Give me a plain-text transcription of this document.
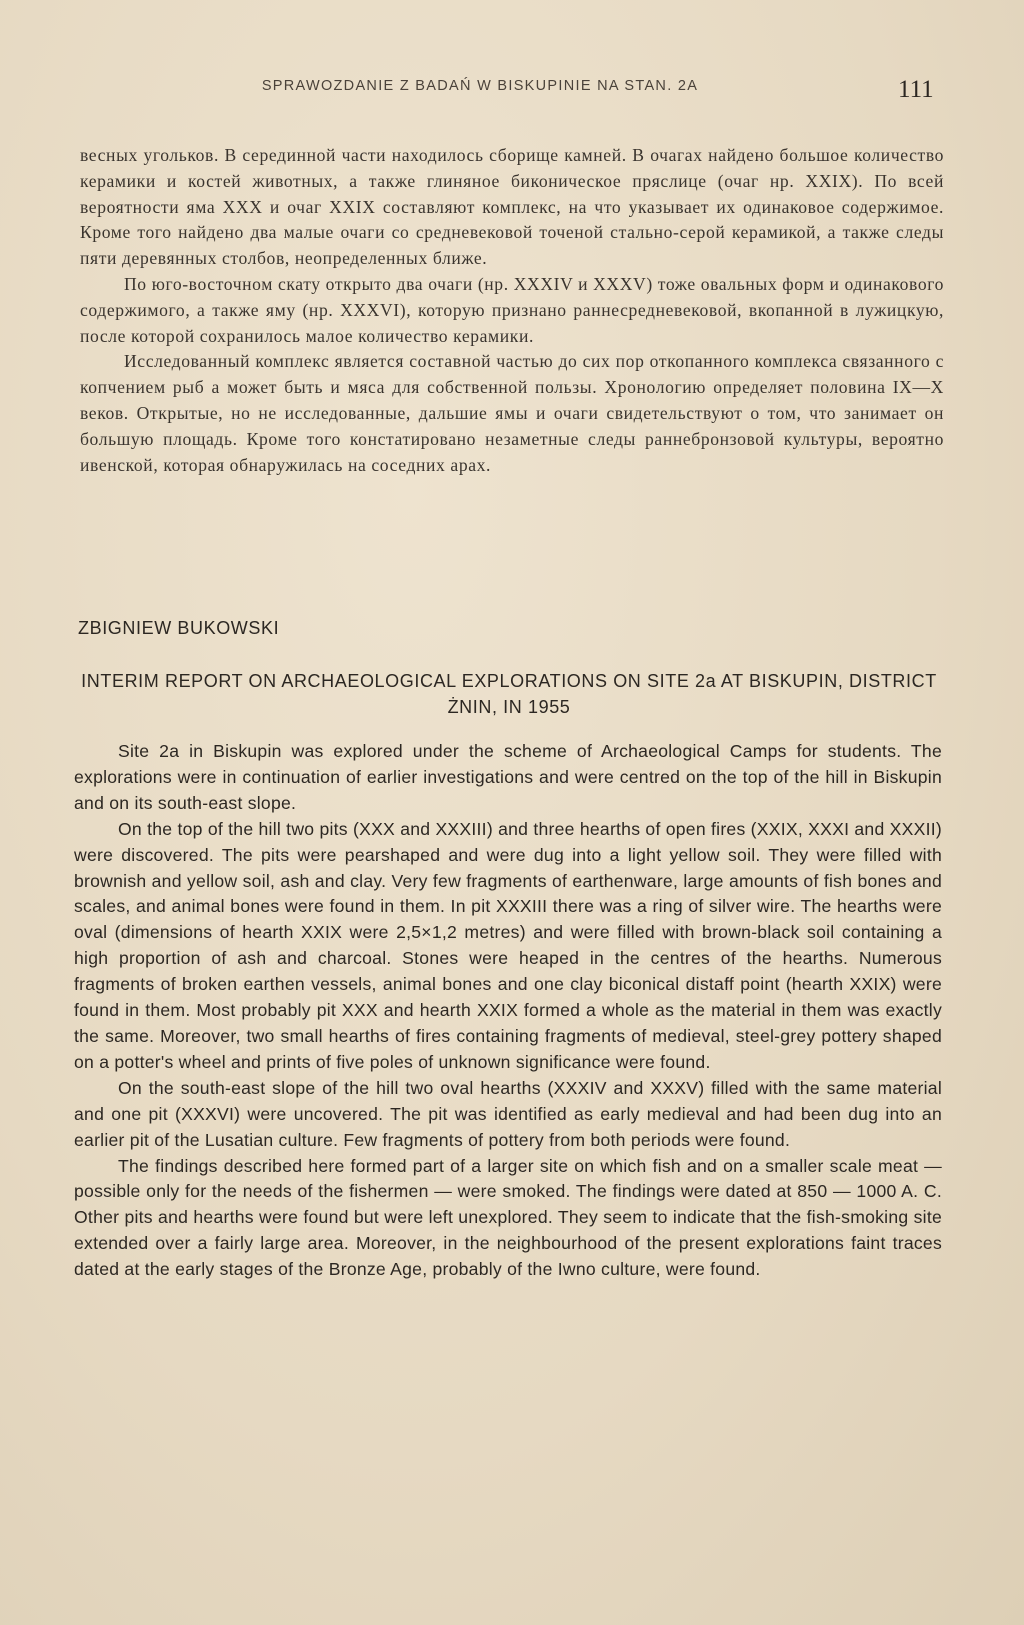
SPRAWOZDANIE Z BADAŃ W BISKUPINIE NA STAN. 2A	111

весных угольков. В серединной части находилось сборище камней. В очагах найдено большое количество керамики и костей животных, а также глиняное биконическое пряслице (очаг нр. XXIX). По всей вероятности яма XXX и очаг XXIX составляют комплекс, на что указывает их одинаковое содержимое. Кроме того найдено два малые очаги со средневековой точеной стально-серой керамикой, а также следы пяти деревянных столбов, неопределенных ближе.

По юго-восточном скату открыто два очаги (нр. XXXIV и XXXV) тоже овальных форм и одинакового содержимого, а также яму (нр. XXXVI), которую признано раннесредневековой, вкопанной в лужицкую, после которой сохранилось малое количество керамики.

Исследованный комплекс является составной частью до сих пор откопанного комплекса связанного с копчением рыб а может быть и мяса для собственной пользы. Хронологию определяет половина IX—X веков. Открытые, но не исследованные, дальшие ямы и очаги свидетельствуют о том, что занимает он большую площадь. Кроме того констатировано незаметные следы раннебронзовой культуры, вероятно ивенской, которая обнаружилась на соседних арах.

ZBIGNIEW BUKOWSKI
INTERIM REPORT ON ARCHAEOLOGICAL EXPLORATIONS ON SITE 2a AT BISKUPIN, DISTRICT ŻNIN, IN 1955

Site 2a in Biskupin was explored under the scheme of Archaeological Camps for students. The explorations were in continuation of earlier investigations and were centred on the top of the hill in Biskupin and on its south-east slope.

On the top of the hill two pits (XXX and XXXIII) and three hearths of open fires (XXIX, XXXI and XXXII) were discovered. The pits were pearshaped and were dug into a light yellow soil. They were filled with brownish and yellow soil, ash and clay. Very few fragments of earthenware, large amounts of fish bones and scales, and animal bones were found in them. In pit XXXIII there was a ring of silver wire. The hearths were oval (dimensions of hearth XXIX were 2,5×1,2 metres) and were filled with brown-black soil containing a high proportion of ash and charcoal. Stones were heaped in the centres of the hearths. Numerous fragments of broken earthen vessels, animal bones and one clay biconical distaff point (hearth XXIX) were found in them. Most probably pit XXX and hearth XXIX formed a whole as the material in them was exactly the same. Moreover, two small hearths of fires containing fragments of medieval, steel-grey pottery shaped on a potter's wheel and prints of five poles of unknown significance were found.

On the south-east slope of the hill two oval hearths (XXXIV and XXXV) filled with the same material and one pit (XXXVI) were uncovered. The pit was identified as early medieval and had been dug into an earlier pit of the Lusatian culture. Few fragments of pottery from both periods were found.

The findings described here formed part of a larger site on which fish and on a smaller scale meat — possible only for the needs of the fishermen — were smoked. The findings were dated at 850 — 1000 A. C. Other pits and hearths were found but were left unexplored. They seem to indicate that the fish-smoking site extended over a fairly large area. Moreover, in the neighbourhood of the present explorations faint traces dated at the early stages of the Bronze Age, probably of the Iwno culture, were found.
